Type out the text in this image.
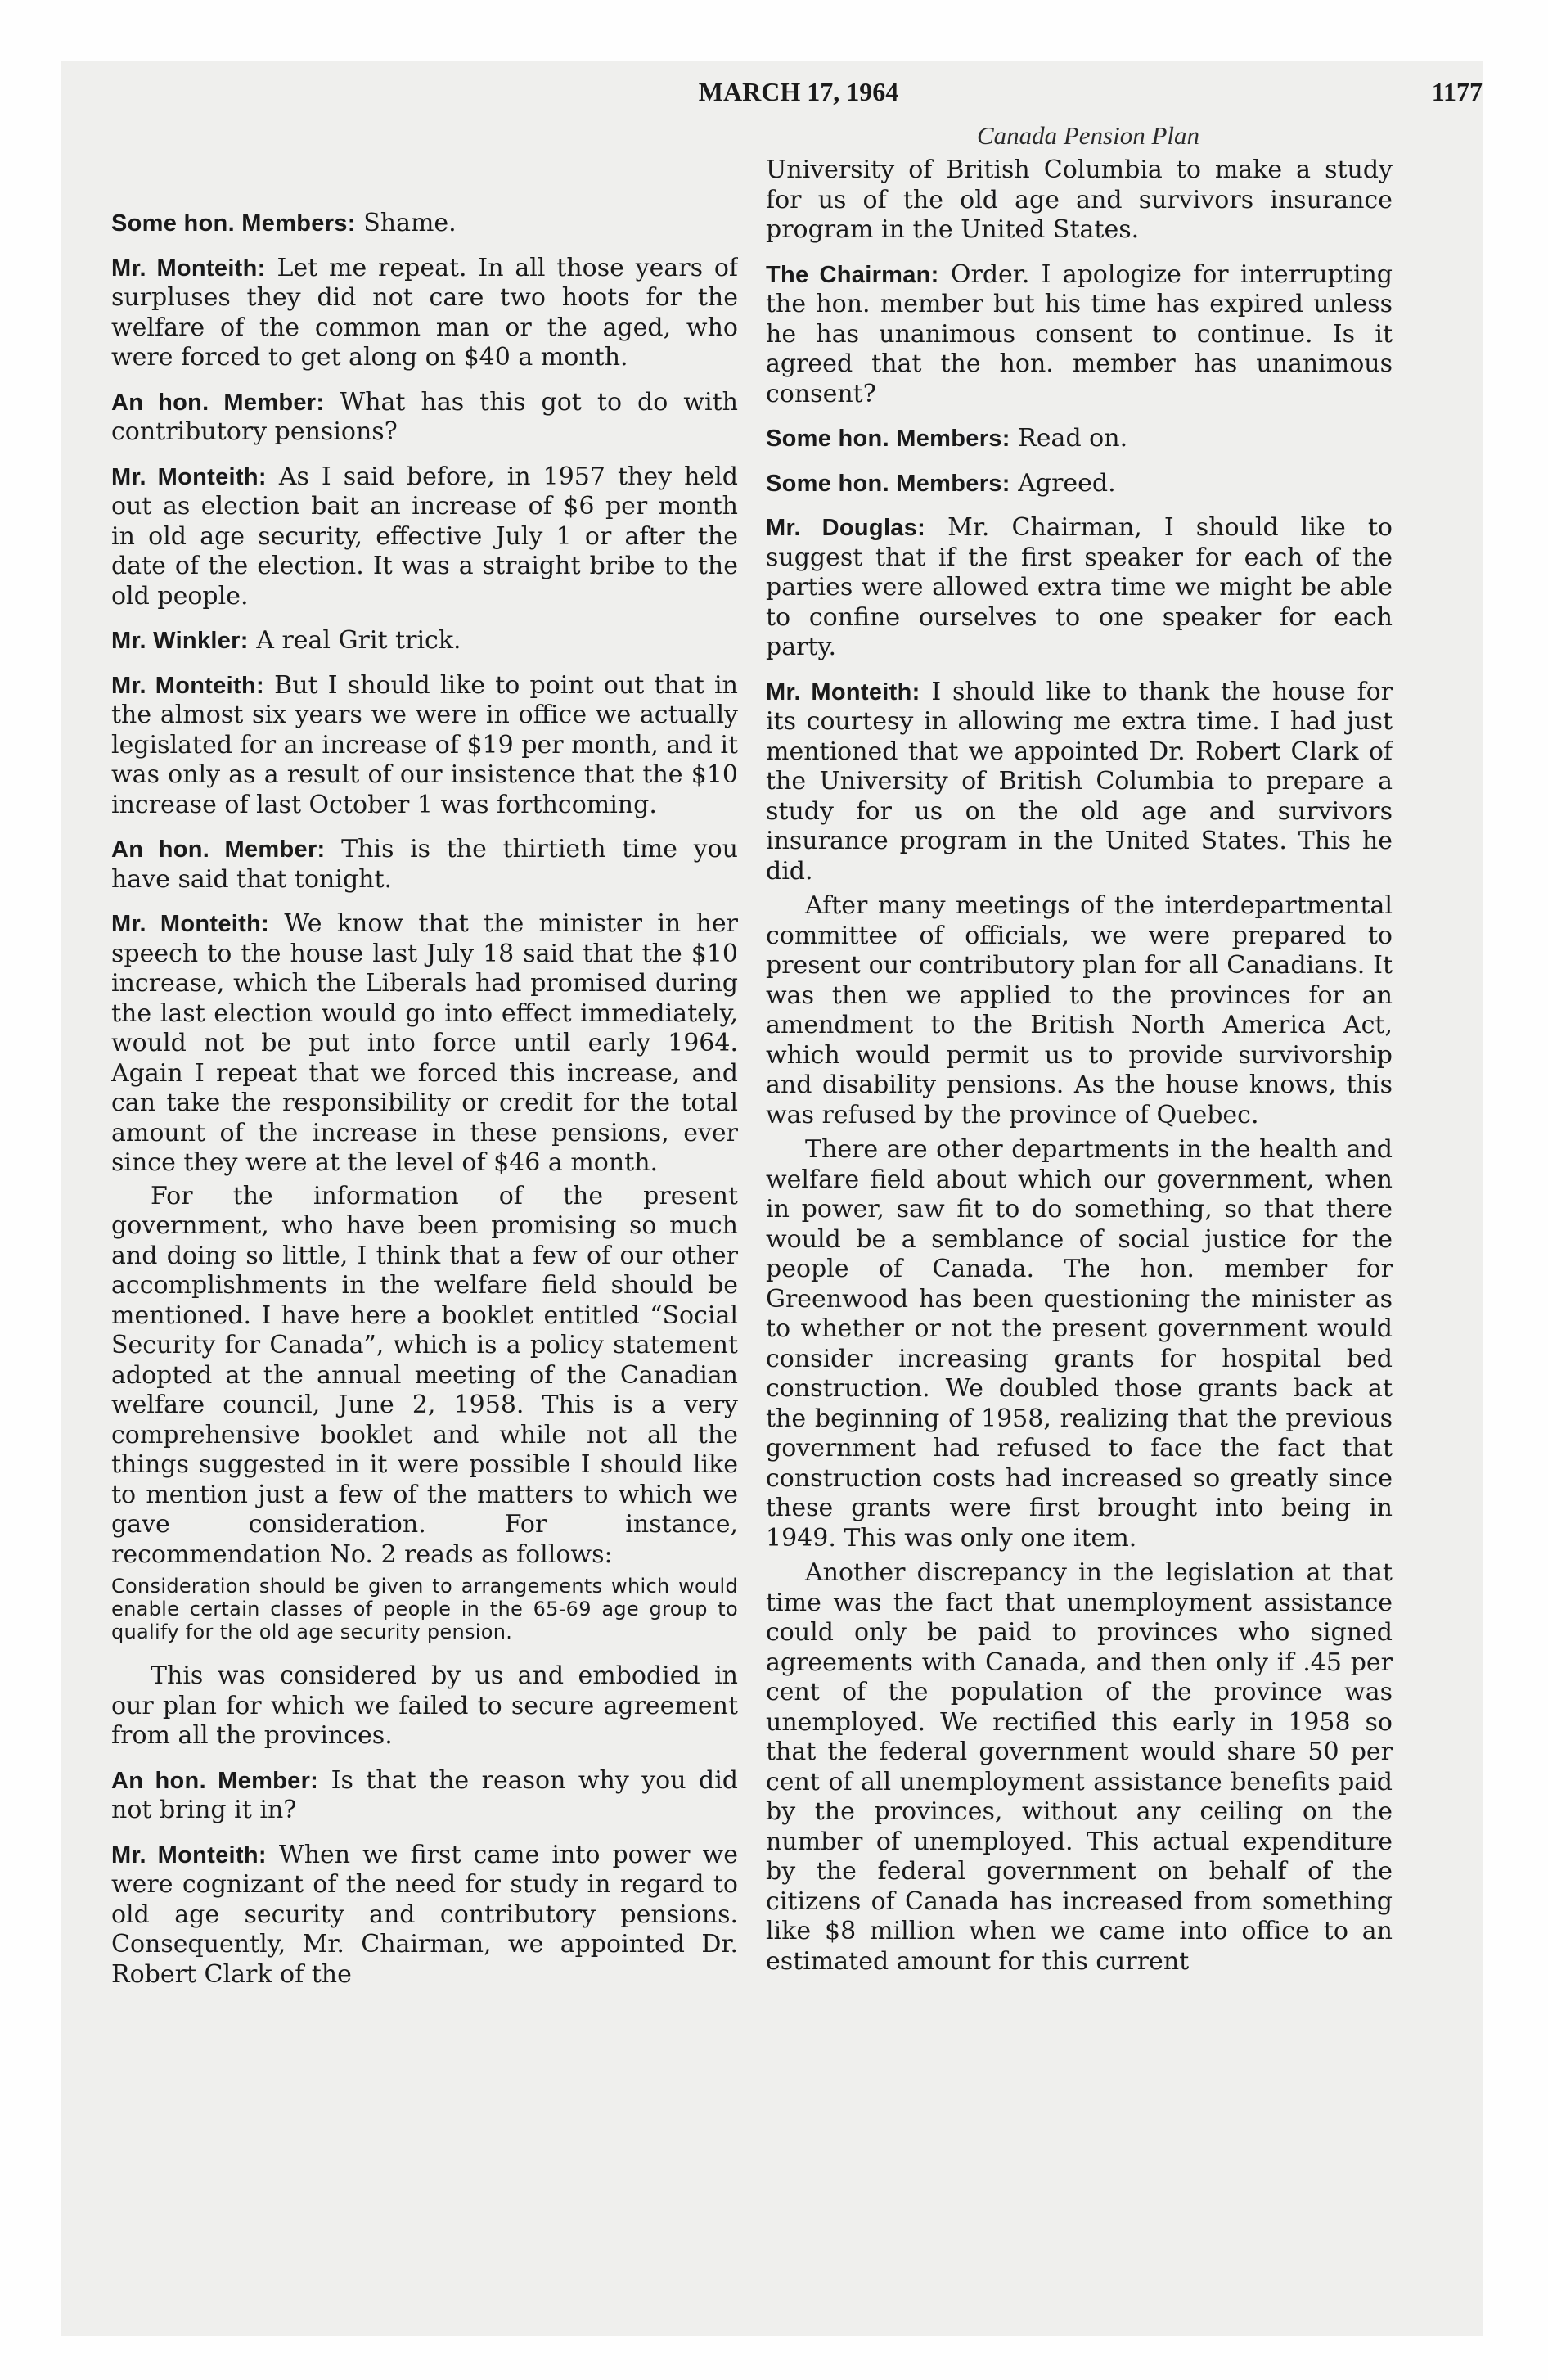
MARCH 17, 1964	1177
Canada Pension Plan

Some hon. Members: Shame.

Mr. Monteith: Let me repeat. In all those years of surpluses they did not care two hoots for the welfare of the common man or the aged, who were forced to get along on $40 a month.

An hon. Member: What has this got to do with contributory pensions?

Mr. Monteith: As I said before, in 1957 they held out as election bait an increase of $6 per month in old age security, effective July 1 or after the date of the election. It was a straight bribe to the old people.

Mr. Winkler: A real Grit trick.

Mr. Monteith: But I should like to point out that in the almost six years we were in office we actually legislated for an increase of $19 per month, and it was only as a result of our insistence that the $10 increase of last October 1 was forthcoming.

An hon. Member: This is the thirtieth time you have said that tonight.

Mr. Monteith: We know that the minister in her speech to the house last July 18 said that the $10 increase, which the Liberals had promised during the last election would go into effect immediately, would not be put into force until early 1964. Again I repeat that we forced this increase, and can take the responsibility or credit for the total amount of the increase in these pensions, ever since they were at the level of $46 a month.

For the information of the present government, who have been promising so much and doing so little, I think that a few of our other accomplishments in the welfare field should be mentioned. I have here a booklet entitled “Social Security for Canada”, which is a policy statement adopted at the annual meeting of the Canadian welfare council, June 2, 1958. This is a very comprehensive booklet and while not all the things suggested in it were possible I should like to mention just a few of the matters to which we gave consideration. For instance, recommendation No. 2 reads as follows:

Consideration should be given to arrangements which would enable certain classes of people in the 65-69 age group to qualify for the old age security pension.

This was considered by us and embodied in our plan for which we failed to secure agreement from all the provinces.

An hon. Member: Is that the reason why you did not bring it in?

Mr. Monteith: When we first came into power we were cognizant of the need for study in regard to old age security and contributory pensions. Consequently, Mr. Chairman, we appointed Dr. Robert Clark of the

University of British Columbia to make a study for us of the old age and survivors insurance program in the United States.

The Chairman: Order. I apologize for interrupting the hon. member but his time has expired unless he has unanimous consent to continue. Is it agreed that the hon. member has unanimous consent?

Some hon. Members: Read on.

Some hon. Members: Agreed.

Mr. Douglas: Mr. Chairman, I should like to suggest that if the first speaker for each of the parties were allowed extra time we might be able to confine ourselves to one speaker for each party.

Mr. Monteith: I should like to thank the house for its courtesy in allowing me extra time. I had just mentioned that we appointed Dr. Robert Clark of the University of British Columbia to prepare a study for us on the old age and survivors insurance program in the United States. This he did.

After many meetings of the interdepartmental committee of officials, we were prepared to present our contributory plan for all Canadians. It was then we applied to the provinces for an amendment to the British North America Act, which would permit us to provide survivorship and disability pensions. As the house knows, this was refused by the province of Quebec.

There are other departments in the health and welfare field about which our government, when in power, saw fit to do something, so that there would be a semblance of social justice for the people of Canada. The hon. member for Greenwood has been questioning the minister as to whether or not the present government would consider increasing grants for hospital bed construction. We doubled those grants back at the beginning of 1958, realizing that the previous government had refused to face the fact that construction costs had increased so greatly since these grants were first brought into being in 1949. This was only one item.

Another discrepancy in the legislation at that time was the fact that unemployment assistance could only be paid to provinces who signed agreements with Canada, and then only if .45 per cent of the population of the province was unemployed. We rectified this early in 1958 so that the federal government would share 50 per cent of all unemployment assistance benefits paid by the provinces, without any ceiling on the number of unemployed. This actual expenditure by the federal government on behalf of the citizens of Canada has increased from something like $8 million when we came into office to an estimated amount for this current
